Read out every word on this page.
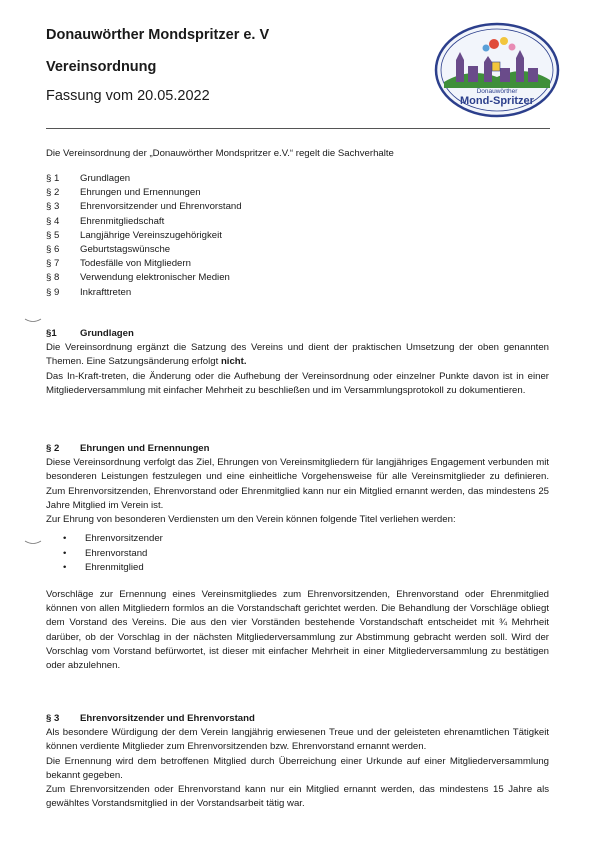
Donauwörther Mondspritzer e. V
Vereinsordnung
Fassung vom 20.05.2022	Donauwörther
Mond-Spritzer
Die Vereinsordnung der „Donauwörther Mondspritzer e.V.“ regelt die Sachverhalte
§ 1 Grundlagen
§ 2 Ehrungen und Ernennungen
§ 3 Ehrenvorsitzender und Ehrenvorstand
§ 4 Ehrenmitgliedschaft
§ 5 Langjährige Vereinszugehörigkeit
§ 6 Geburtstagswünsche
§ 7 Todesfälle von Mitgliedern
§ 8 Verwendung elektronischer Medien
§ 9 Inkrafttreten
§1 Grundlagen

Die Vereinsordnung ergänzt die Satzung des Vereins und dient der praktischen Umsetzung der oben genannten Themen. Eine Satzungsänderung erfolgt nicht.

Das In-Kraft-treten, die Änderung oder die Aufhebung der Vereinsordnung oder einzelner Punkte davon ist in einer Mitgliederversammlung mit einfacher Mehrheit zu beschließen und im Versammlungsprotokoll zu dokumentieren.

§ 2 Ehrungen und Ernennungen

Diese Vereinsordnung verfolgt das Ziel, Ehrungen von Vereinsmitgliedern für langjähriges Engagement verbunden mit besonderen Leistungen festzulegen und eine einheitliche Vorgehensweise für alle Vereinsmitglieder zu definieren. Zum Ehrenvorsitzenden, Ehrenvorstand oder Ehrenmitglied kann nur ein Mitglied ernannt werden, das mindestens 25 Jahre Mitglied im Verein ist.

Zur Ehrung von besonderen Verdiensten um den Verein können folgende Titel verliehen werden:

• Ehrenvorsitzender
• Ehrenvorstand
• Ehrenmitglied

Vorschläge zur Ernennung eines Vereinsmitgliedes zum Ehrenvorsitzenden, Ehrenvorstand oder Ehrenmitglied können von allen Mitgliedern formlos an die Vorstandschaft gerichtet werden. Die Behandlung der Vorschläge obliegt dem Vorstand des Vereins. Die aus den vier Vorständen bestehende Vorstandschaft entscheidet mit ¾ Mehrheit darüber, ob der Vorschlag in der nächsten Mitgliederversammlung zur Abstimmung gebracht werden soll. Wird der Vorschlag vom Vorstand befürwortet, ist dieser mit einfacher Mehrheit in einer Mitgliederversammlung zu bestätigen oder abzulehnen.

§ 3 Ehrenvorsitzender und Ehrenvorstand

Als besondere Würdigung der dem Verein langjährig erwiesenen Treue und der geleisteten ehrenamtlichen Tätigkeit können verdiente Mitglieder zum Ehrenvorsitzenden bzw. Ehrenvorstand ernannt werden.

Die Ernennung wird dem betroffenen Mitglied durch Überreichung einer Urkunde auf einer Mitgliederversammlung bekannt gegeben.

Zum Ehrenvorsitzenden oder Ehrenvorstand kann nur ein Mitglied ernannt werden, das mindestens 15 Jahre als gewähltes Vorstandsmitglied in der Vorstandsarbeit tätig war.
